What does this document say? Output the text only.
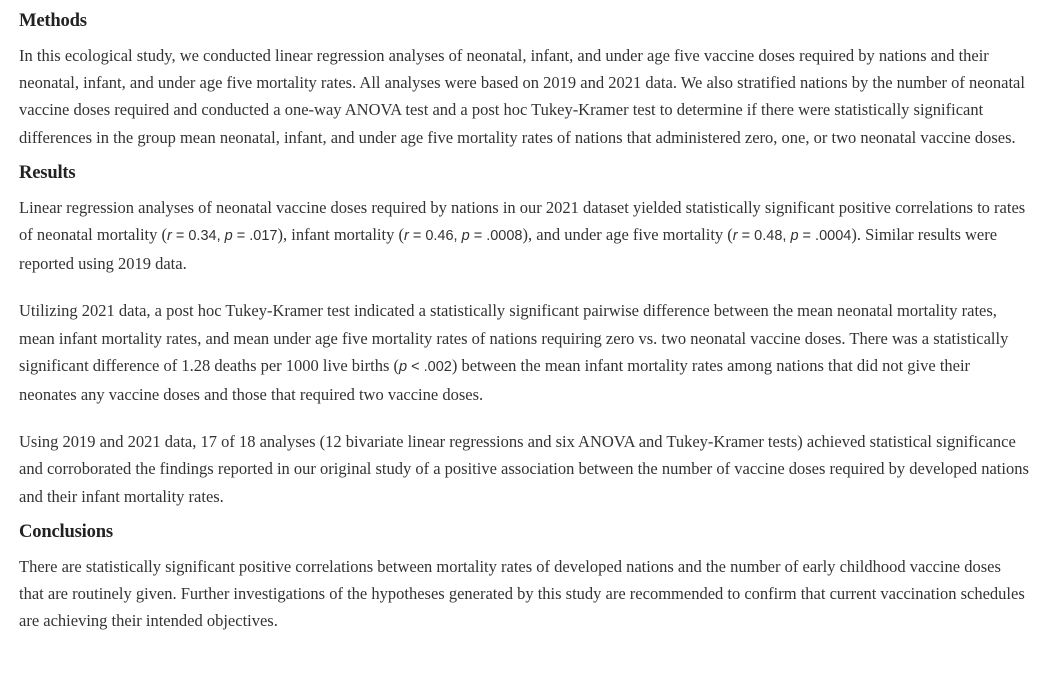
Methods

In this ecological study, we conducted linear regression analyses of neonatal, infant, and under age five vaccine doses required by nations and their neonatal, infant, and under age five mortality rates. All analyses were based on 2019 and 2021 data. We also stratified nations by the number of neonatal vaccine doses required and conducted a one-way ANOVA test and a post hoc Tukey-Kramer test to determine if there were statistically significant differences in the group mean neonatal, infant, and under age five mortality rates of nations that administered zero, one, or two neonatal vaccine doses.

Results

Linear regression analyses of neonatal vaccine doses required by nations in our 2021 dataset yielded statistically significant positive correlations to rates of neonatal mortality (r = 0.34, p = .017), infant mortality (r = 0.46, p = .0008), and under age five mortality (r = 0.48, p = .0004). Similar results were reported using 2019 data.

Utilizing 2021 data, a post hoc Tukey-Kramer test indicated a statistically significant pairwise difference between the mean neonatal mortality rates, mean infant mortality rates, and mean under age five mortality rates of nations requiring zero vs. two neonatal vaccine doses. There was a statistically significant difference of 1.28 deaths per 1000 live births (p < .002) between the mean infant mortality rates among nations that did not give their neonates any vaccine doses and those that required two vaccine doses.

Using 2019 and 2021 data, 17 of 18 analyses (12 bivariate linear regressions and six ANOVA and Tukey-Kramer tests) achieved statistical significance and corroborated the findings reported in our original study of a positive association between the number of vaccine doses required by developed nations and their infant mortality rates.

Conclusions

There are statistically significant positive correlations between mortality rates of developed nations and the number of early childhood vaccine doses that are routinely given. Further investigations of the hypotheses generated by this study are recommended to confirm that current vaccination schedules are achieving their intended objectives.
